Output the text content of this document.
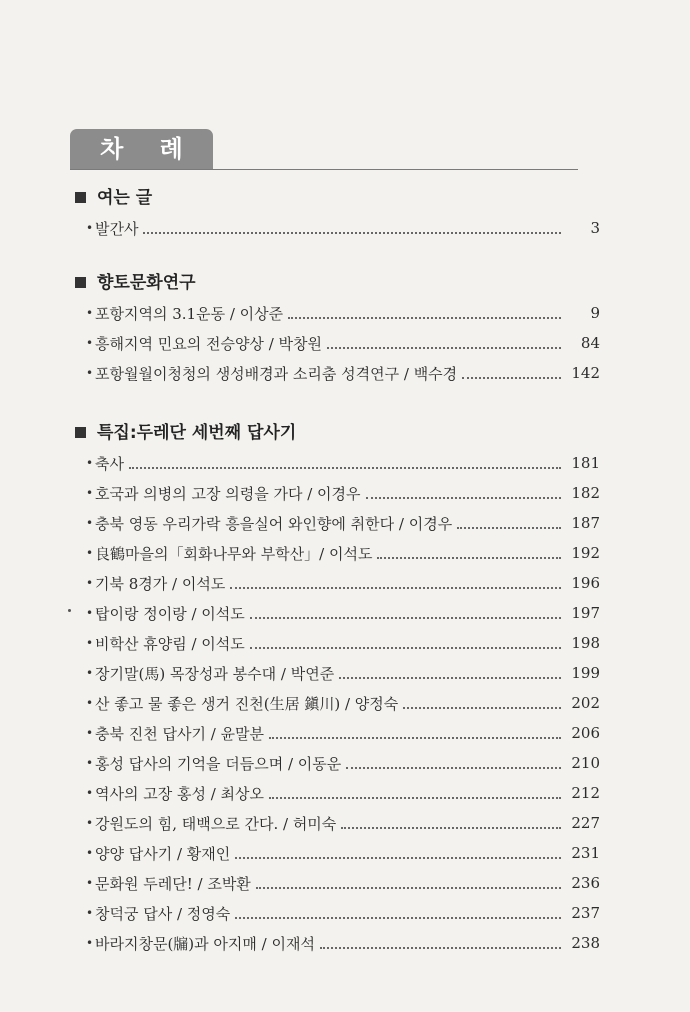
차 례
여는 글
• 발간사	3
향토문화연구
• 포항지역의 3.1운동 / 이상준	9
• 흥해지역 민요의 전승양상 / 박창원	84
• 포항월월이청청의 생성배경과 소리춤 성격연구 / 백수경	142
특집:두레단 세번째 답사기
• 축사	181
• 호국과 의병의 고장 의령을 가다 / 이경우	182
• 충북 영동 우리가락 흥을실어 와인향에 취한다 / 이경우	187
• 良鶴마을의「회화나무와 부학산」/ 이석도	192
• 기북 8경가 / 이석도	196
• 탑이랑 정이랑 / 이석도	197
• 비학산 휴양림 / 이석도	198
• 장기말(馬) 목장성과 봉수대 / 박연준	199
• 산 좋고 물 좋은 생거 진천(生居 鎭川) / 양정숙	202
• 충북 진천 답사기 / 윤말분	206
• 홍성 답사의 기억을 더듬으며 / 이동운	210
• 역사의 고장 홍성 / 최상오	212
• 강원도의 힘, 태백으로 간다. / 허미숙	227
• 양양 답사기 / 황재인	231
• 문화원 두레단! / 조박환	236
• 창덕궁 답사 / 정영숙	237
• 바라지창문(牖)과 아지매 / 이재석	238
